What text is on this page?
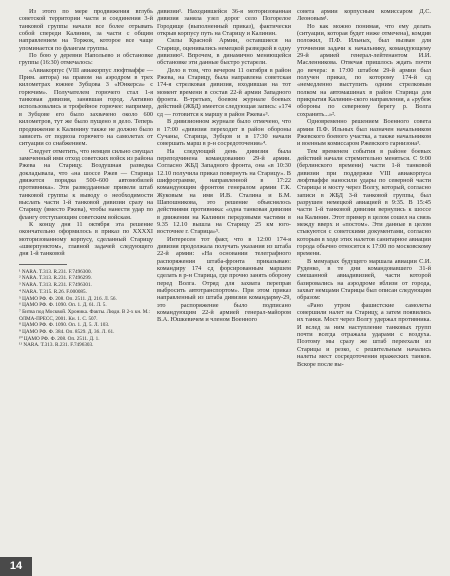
Из этого по мере продвижения вглубь советской территории части и соединения 3-й танковой группы начали все более отрывать собой спереди Калинин, за части с общим направлением на Торжок, которое все чаще упоминается по флангам группы.

По бою у деревни Напольево и обстановке группы (16:30) отмечалось:

«Авиакорпус (VIII авиакорпус люфтваффе — Прим. автора) на правом на аэродром в трех километрах южнее Зубцова 3 «Юнкерса» с горючим». Получателем горючего стал 1-я танковая дивизия, занявшая город. Активно использовались и трофейное горючее: например, в Зубцове его было захвачено около 600 километров, тут же было пущено в дело. Теперь продвижение к Калинину также не должно было зависеть от подвоза горючего на самолетах от ситуации со снабжением.

Следует отметить, что немцев сильно смущал замеченный ими отход советских войск из района Ржева на Старицу. Воздушная разведка докладывала, что «на шоссе Ржев — Старица движется порядка 500–600 автомобилей противника». Эти разведданные привели штаб танковой группы к выводу о необходимости выслать части 1-й танковой дивизии сразу на Старицу (вместо Ржева), чтобы нанести удар по флангу отступающим советским войскам.

К концу дня 11 октября эта решение окончательно оформилось в приказ по XXXXI моторизованному корпусу, сделанный Старицу «шверпунктом», главной задачей следующего дня 1-й танковой

¹ NARA. T.313. R.231. F.7496300.
² NARA. T.313. R.231. F.7496299.
³ NARA. T.313. R.231. F.7496301.
⁴ NARA. T.315. R.26. F.000085.
⁵ ЦАМО РФ. Ф. 208. Оп. 2511. Д. 216. Л. 56.
⁶ ЦАМО РФ. Ф. 1090. Оп. 1. Д. 61. Л. 5.
⁷ Битва под Москвой. Хроника. Факты. Люди. В 2-х кн. М.: ОЛМА-ПРЕСС, 2001. Кн. 1. С. 507.
⁸ ЦАМО РФ. Ф. 1090. Оп. 1. Д. 5. Л. 103.
⁹ ЦАМО РФ. Ф. 384. Оп. 8529. Д. 36. Л. 61.
¹⁰ ЦАМО РФ. Ф. 208. Оп. 2511. Д. 1.
¹¹ NARA. T.313. R.231. F.7496303.

дивизии¹. Находившейся 36-я моторизованная дивизия заняла узел дорог село Погорелое Городище (выполненный приказ), фактически открыв корпусу путь на Старицу и Калинин.

Силы Красной Армии, оставшиеся на Старице, оценивались немецкой разведкой в одну дивизию². Впрочем, в динамично меняющейся обстановке эти данные быстро устарели.

Дело в том, что вечером 11 октября в район Ржева, на Старицу, была направлена советская 174-я стрелковая дивизия, входившая на тот момент времени в состав 22-й армии Западного фронта. В-третьих, боевом журнале боевых действий (ЖБД) имеется следующая запись: «174 сд — готовится к маршу в район Ржева»³.

В дивизионном журнале было отмечено, что в 17:00 «дивизия переходит в район обороны Сучаны, Старица, Зубцов и в 17:30 начали совершать марш в р-н сосредоточения»⁴.

На следующий день дивизия была переподчинена командованию 29-й армии. Согласно ЖБД Западного фронта, она «в 10:30 12.10 получила приказ повернуть на Старицу». В шифрограмме, направленной в 17:22 командующим фронтом генералом армии Г.К. Жуковым на имя И.В. Сталина и Б.М. Шапошникова, это решение объяснялось действиями противника: «одна танковая дивизия в движении на Калинин передовыми частями в 9.35 12.10 вышла на Старицу 25 км юго-восточнее г. Старица»⁵.

Интересен тот факт, что в 12:00 174-я дивизия продолжала получать указания из штаба 22-й армии: «На основании телеграфного распоряжения штаба-фронта приказываю: командиру 174 сд форсированным маршем сделать в р-н Старица, где прочно занять оборону перед Волга. Отряд для захвата переправ выбросить автотранспортом». При этом приказ направленный из штаба дивизии командарму-29, это распоряжение было подписано командующим 22-й армией генерал-майором В.А. Юшкевичем и членом Военного

совета армии корпусным комиссаром Д.С. Леоновым¹.

Но как можно понимая, что ему делать (ситуации, которая будет ниже отмечена), комдив положил, П.Ф. Ильных, был вызван для уточнения задачи к начальнику, командующему 29-й армией генерал-лейтенантом И.И. Масленникова. Отвечая пришлось ждать почти до вечера: в 17:00 штабом 29-й армии был получен приказ, по которому 174-й сд «немедленно выступить одним стрелковым полком на автомашинах в район Старица для прикрытия Калинин-ского направления, а «рубеж обороны по северному берегу р. Волга сохранить...»².

Одновременно решением Военного совета армии П.Ф. Ильных был назначен начальником Ржевского боевого участка, а также начальником и военным комиссаром Ржевского гарнизона³.

Тем временем события в районе боевых действий начали стремительно меняться. С 9:00 (берлинского времени) части 1-й танковой дивизии при поддержке VIII авиакорпуса люфтваффе наносили удары по северной части Старицы и мосту через Волгу, который, согласно записи в ЖБД 3-й танковой группы, был разрушен немецкой авиацией в 9:35. В 15:45 части 1-й танковой дивизии вернулись к шоссе на Калинин. Этот пример в целом сошел на связь между вверх и «постом». Эти данные в целом стыкуются с советскими документами, согласно которым в ходе этих налетов санитарное авиации города обычно относятся к 17:00 по московскому времени.

В мемуарах будущего маршала авиации С.И. Руденко, в те дни командовавшего 31-й смешанной авиадивизией, части которой базировались на аэродроме вблизи от города, захват немцами Старицы был описан следующим образом:

«Рано утром фашистские самолеты совершили налет на Старицу, а затем появились их танки. Мост через Волгу удержал противника. И вслед за ним наступление танковых групп почти всегда отражала ударами с воздуха. Поэтому мы сразу же штаб переехали из Старицы и резко, с решительным начались налеты мест сосредоточения вражеских танков. Вскоре после вы-

14
